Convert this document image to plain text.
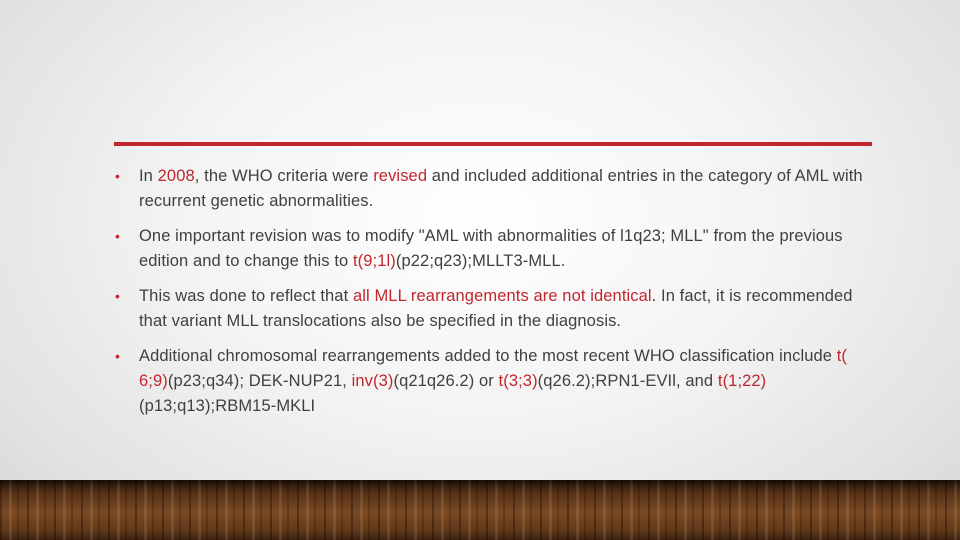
• In 2008, the WHO criteria were revised and included additional entries in the category of AML with recurrent genetic abnormalities.
• One important revision was to modify "AML with abnormalities of l1q23; MLL" from the previous edition and to change this to t(9;1l)(p22;q23);MLLT3-MLL.
• This was done to reflect that all MLL rearrangements are not identical. In fact, it is recommended that variant MLL translocations also be specified in the diagnosis.
• Additional chromosomal rearrangements added to the most recent WHO classification include t( 6;9)(p23;q34); DEK-NUP21, inv(3)(q21q26.2) or t(3;3)(q26.2);RPN1-EVIl, and t(1;22)(p13;q13);RBM15-MKLI
